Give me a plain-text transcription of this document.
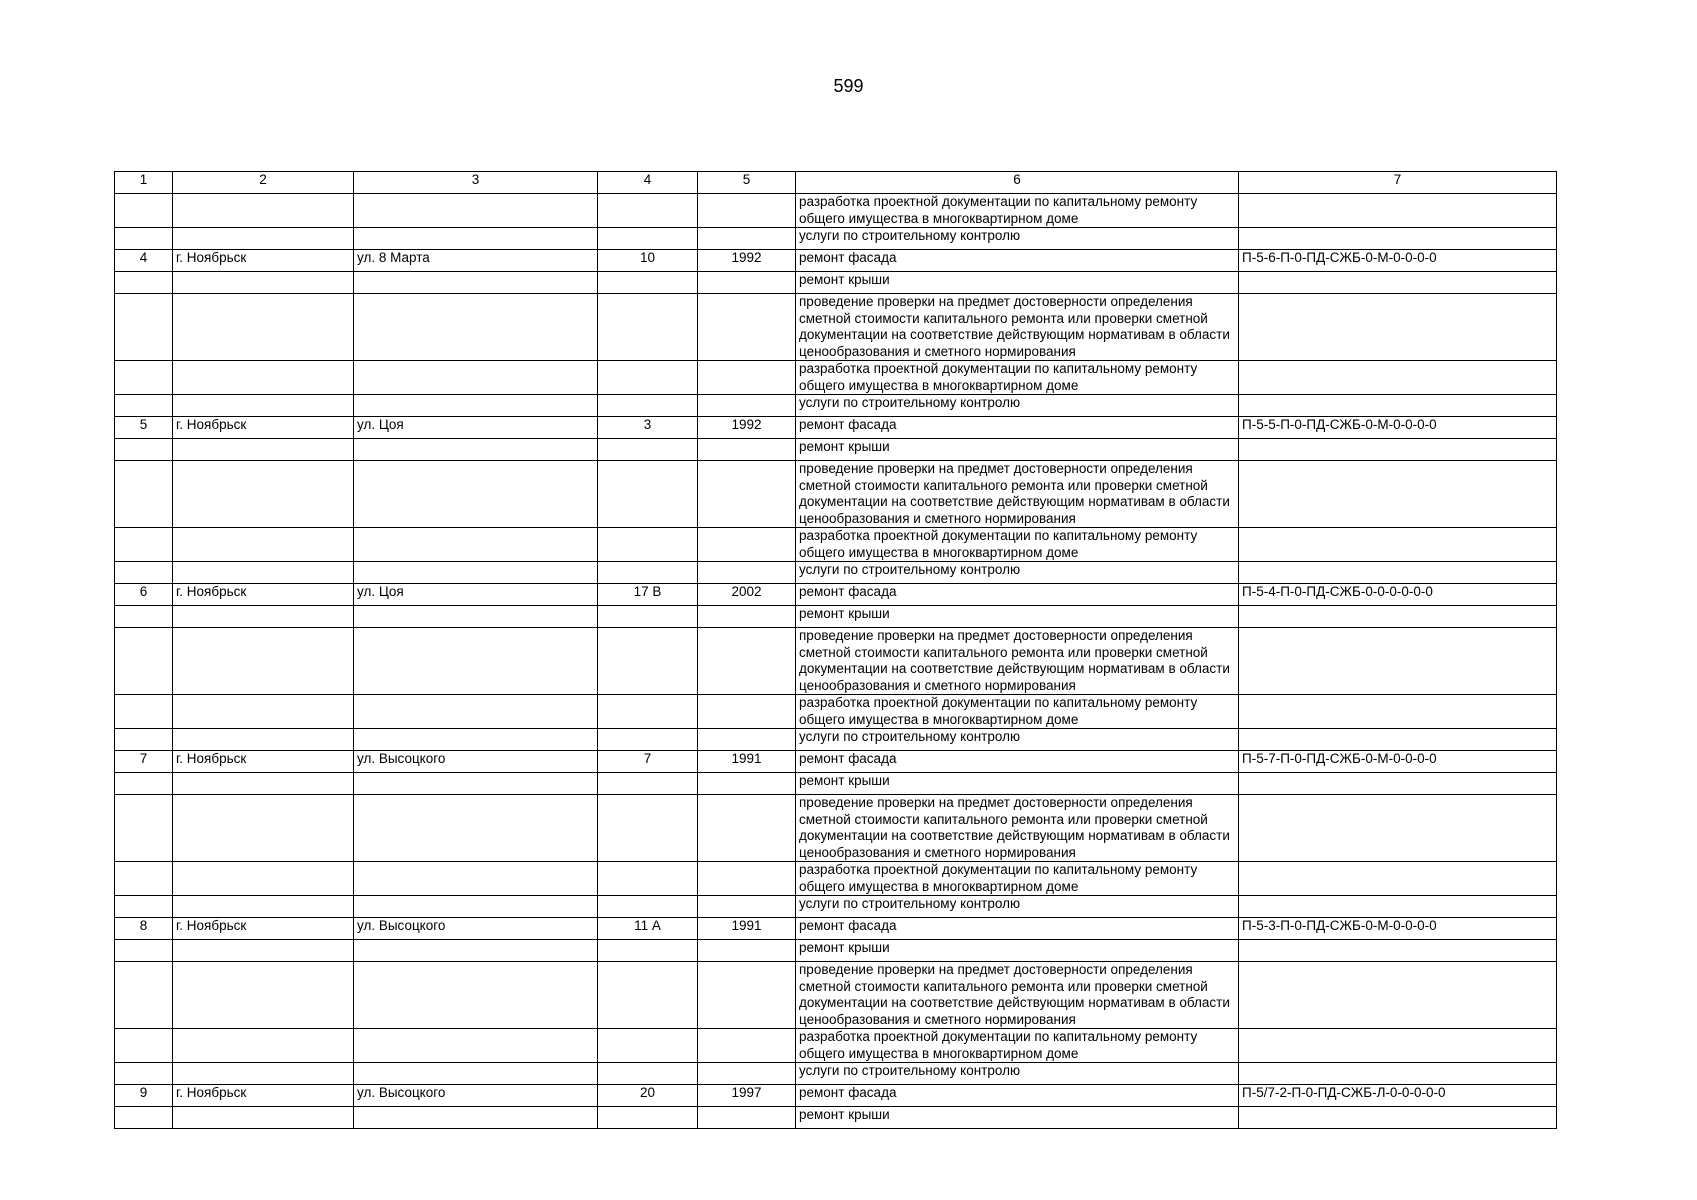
599
1	2	3	4	5	6	7
					разработка проектной документации по капитальному ремонту общего имущества в многоквартирном доме	
					услуги по строительному контролю	
4	г. Ноябрьск	ул. 8 Марта	10	1992	ремонт фасада	П-5-6-П-0-ПД-СЖБ-0-М-0-0-0-0
					ремонт крыши	
					проведение проверки на предмет достоверности определения сметной стоимости капитального ремонта или проверки сметной документации на соответствие действующим нормативам в области ценообразования и сметного нормирования	
					разработка проектной документации по капитальному ремонту общего имущества в многоквартирном доме	
					услуги по строительному контролю	
5	г. Ноябрьск	ул. Цоя	3	1992	ремонт фасада	П-5-5-П-0-ПД-СЖБ-0-М-0-0-0-0
					ремонт крыши	
					проведение проверки на предмет достоверности определения сметной стоимости капитального ремонта или проверки сметной документации на соответствие действующим нормативам в области ценообразования и сметного нормирования	
					разработка проектной документации по капитальному ремонту общего имущества в многоквартирном доме	
					услуги по строительному контролю	
6	г. Ноябрьск	ул. Цоя	17 В	2002	ремонт фасада	П-5-4-П-0-ПД-СЖБ-0-0-0-0-0-0
					ремонт крыши	
					проведение проверки на предмет достоверности определения сметной стоимости капитального ремонта или проверки сметной документации на соответствие действующим нормативам в области ценообразования и сметного нормирования	
					разработка проектной документации по капитальному ремонту общего имущества в многоквартирном доме	
					услуги по строительному контролю	
7	г. Ноябрьск	ул. Высоцкого	7	1991	ремонт фасада	П-5-7-П-0-ПД-СЖБ-0-М-0-0-0-0
					ремонт крыши	
					проведение проверки на предмет достоверности определения сметной стоимости капитального ремонта или проверки сметной документации на соответствие действующим нормативам в области ценообразования и сметного нормирования	
					разработка проектной документации по капитальному ремонту общего имущества в многоквартирном доме	
					услуги по строительному контролю	
8	г. Ноябрьск	ул. Высоцкого	11 А	1991	ремонт фасада	П-5-3-П-0-ПД-СЖБ-0-М-0-0-0-0
					ремонт крыши	
					проведение проверки на предмет достоверности определения сметной стоимости капитального ремонта или проверки сметной документации на соответствие действующим нормативам в области ценообразования и сметного нормирования	
					разработка проектной документации по капитальному ремонту общего имущества в многоквартирном доме	
					услуги по строительному контролю	
9	г. Ноябрьск	ул. Высоцкого	20	1997	ремонт фасада	П-5/7-2-П-0-ПД-СЖБ-Л-0-0-0-0-0
					ремонт крыши	
